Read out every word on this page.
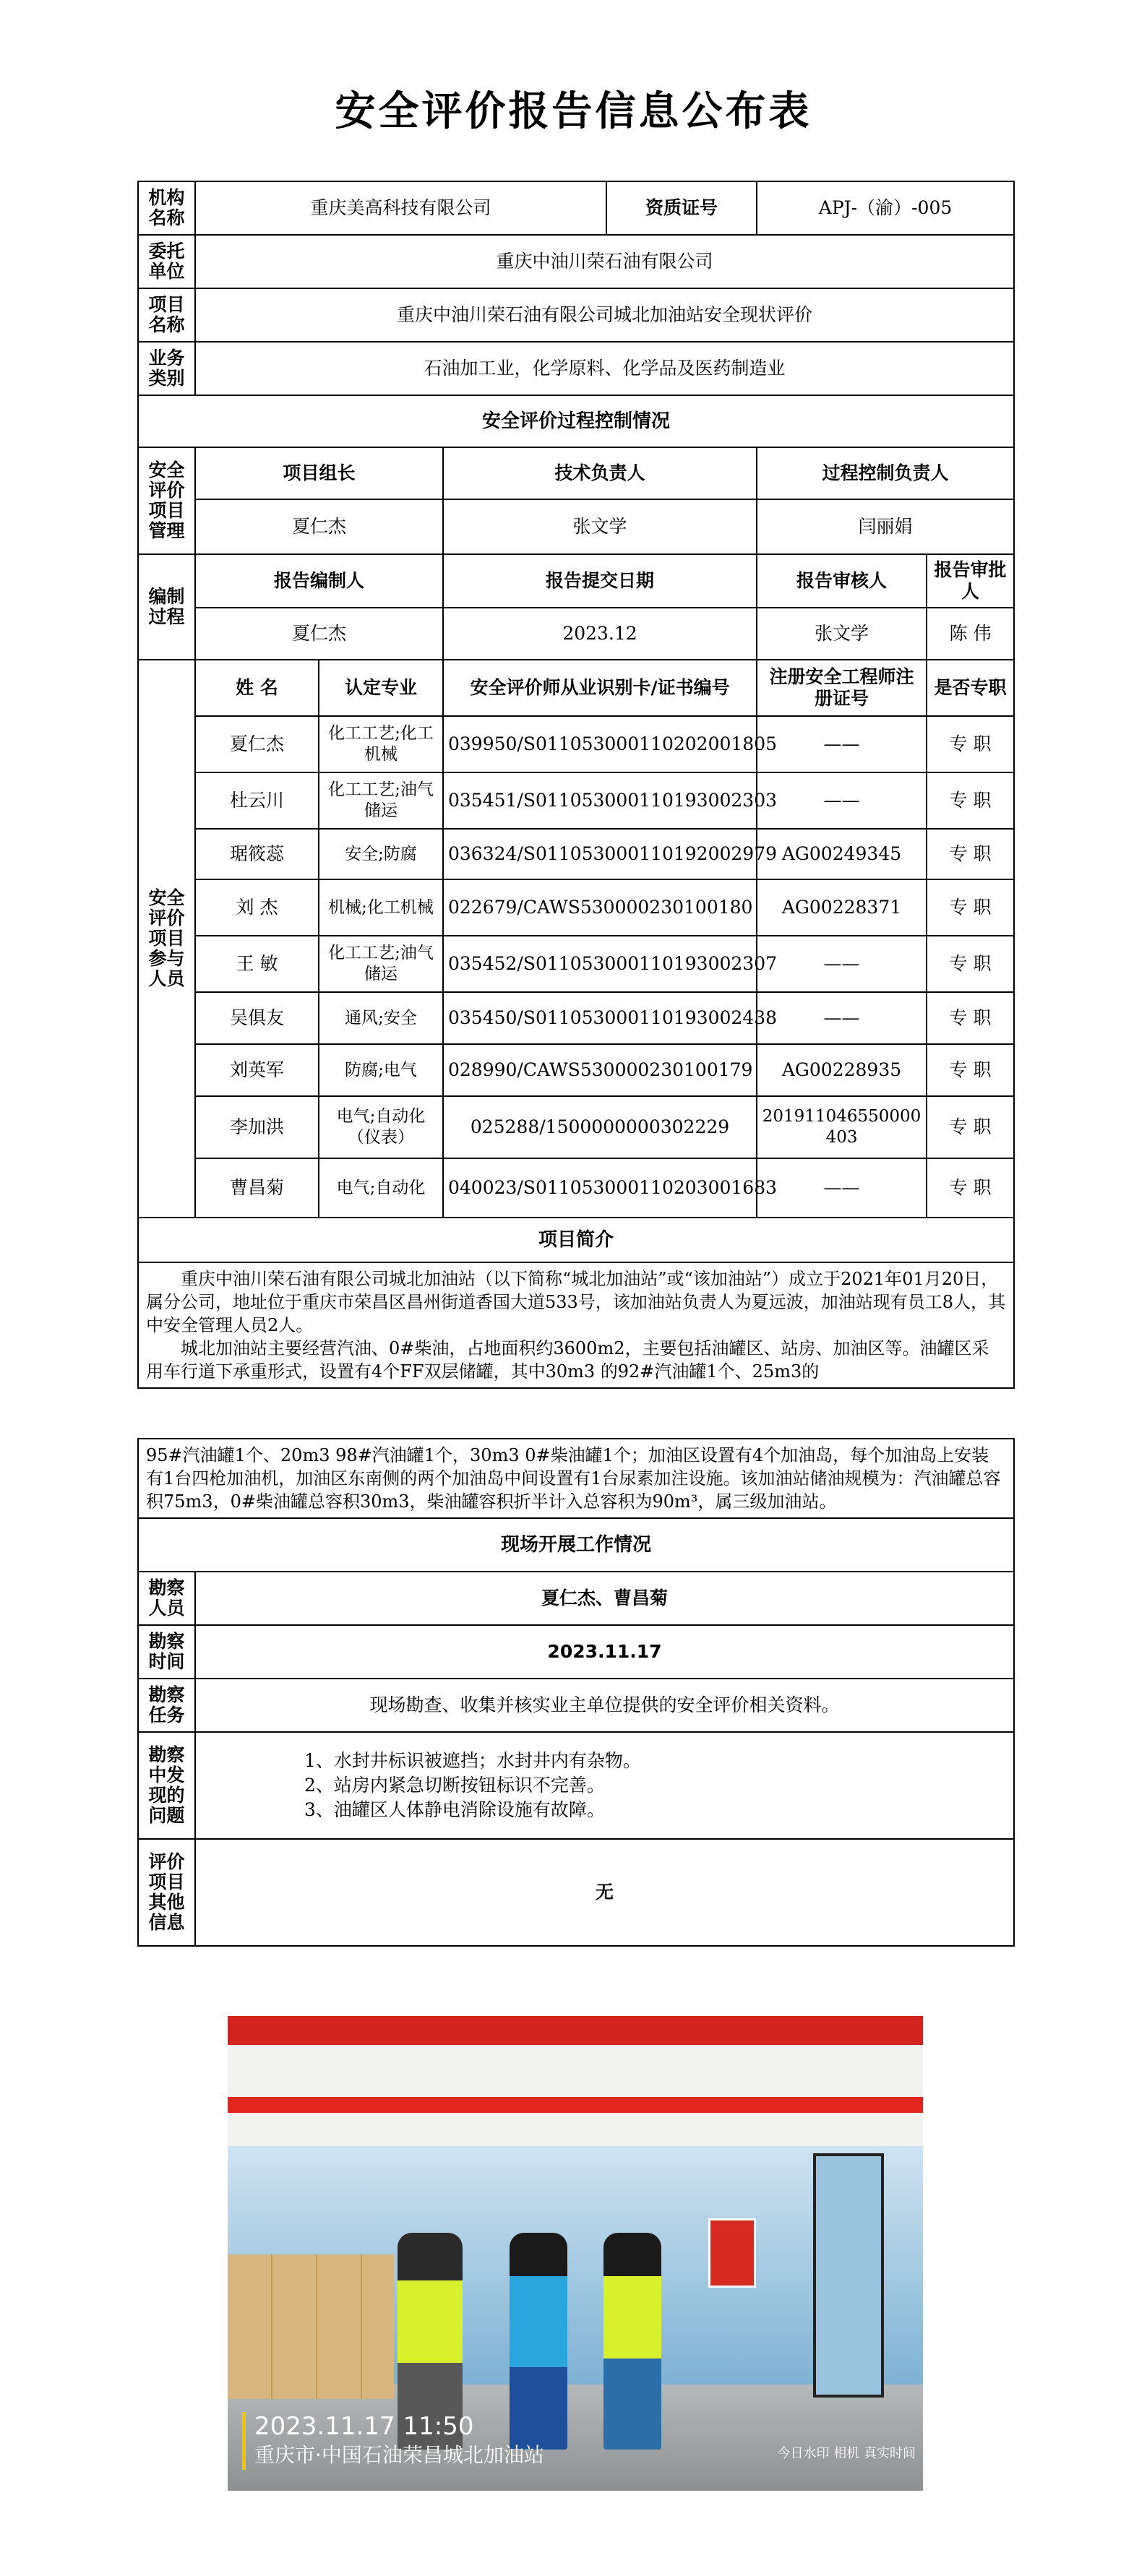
安全评价报告信息公布表
机构名称	重庆美高科技有限公司			资质证号	APJ-（渝）-005	
委托单位	重庆中油川荣石油有限公司					
项目名称	重庆中油川荣石油有限公司城北加油站安全现状评价					
业务类别	石油加工业，化学原料、化学品及医药制造业					
安全评价过程控制情况						
安全评价项目管理	项目组长		技术负责人		过程控制负责人	
	夏仁杰		张文学		闫丽娟	
编制过程	报告编制人		报告提交日期		报告审核人	报告审批人
	夏仁杰		2023.12		张文学	陈 伟
安全评价项目参与人员	姓 名	认定专业	安全评价师从业识别卡/证书编号		注册安全工程师注册证号	是否专职
	夏仁杰	化工工艺;化工机械	039950/S011053000110202001805		——	专 职
	杜云川	化工工艺;油气储运	035451/S011053000110193002303		——	专 职
	琚筱蕊	安全;防腐	036324/S011053000110192002979		AG00249345	专 职
	刘 杰	机械;化工机械	022679/CAWS530000230100180		AG00228371	专 职
	王 敏	化工工艺;油气储运	035452/S011053000110193002307		——	专 职
	吴俱友	通风;安全	035450/S011053000110193002438		——	专 职
	刘英军	防腐;电气	028990/CAWS530000230100179		AG00228935	专 职
	李加洪	电气;自动化（仪表）	025288/1500000000302229		201911046550000403	专 职
	曹昌菊	电气;自动化	040023/S011053000110203001683		——	专 职
项目简介						

重庆中油川荣石油有限公司城北加油站（以下简称“城北加油站”或“该加油站”）成立于2021年01月20日，属分公司，地址位于重庆市荣昌区昌州街道香国大道533号，该加油站负责人为夏远波，加油站现有员工8人，其中安全管理人员2人。

城北加油站主要经营汽油、0#柴油，占地面积约3600m2，主要包括油罐区、站房、加油区等。油罐区采用车行道下承重形式，设置有4个FF双层储罐，其中30m3 的92#汽油罐1个、25m3的						

95#汽油罐1个、20m3 98#汽油罐1个，30m3 0#柴油罐1个；加油区设置有4个加油岛，每个加油岛上安装有1台四枪加油机，加油区东南侧的两个加油岛中间设置有1台尿素加注设施。该加油站储油规模为：汽油罐总容积75m3，0#柴油罐总容积30m3，柴油罐容积折半计入总容积为90m³，属三级加油站。	

现场开展工作情况	
勘察人员	夏仁杰、曹昌菊
勘察时间	2023.11.17
勘察任务	现场勘查、收集并核实业主单位提供的安全评价相关资料。
勘察中发现的问题	1、水封井标识被遮挡；水封井内有杂物。
2、站房内紧急切断按钮标识不完善。
3、油罐区人体静电消除设施有故障。

评价项目其他信息	无
2023.11.17 11:50
重庆市·中国石油荣昌城北加油站	今日水印 相机 真实时间
